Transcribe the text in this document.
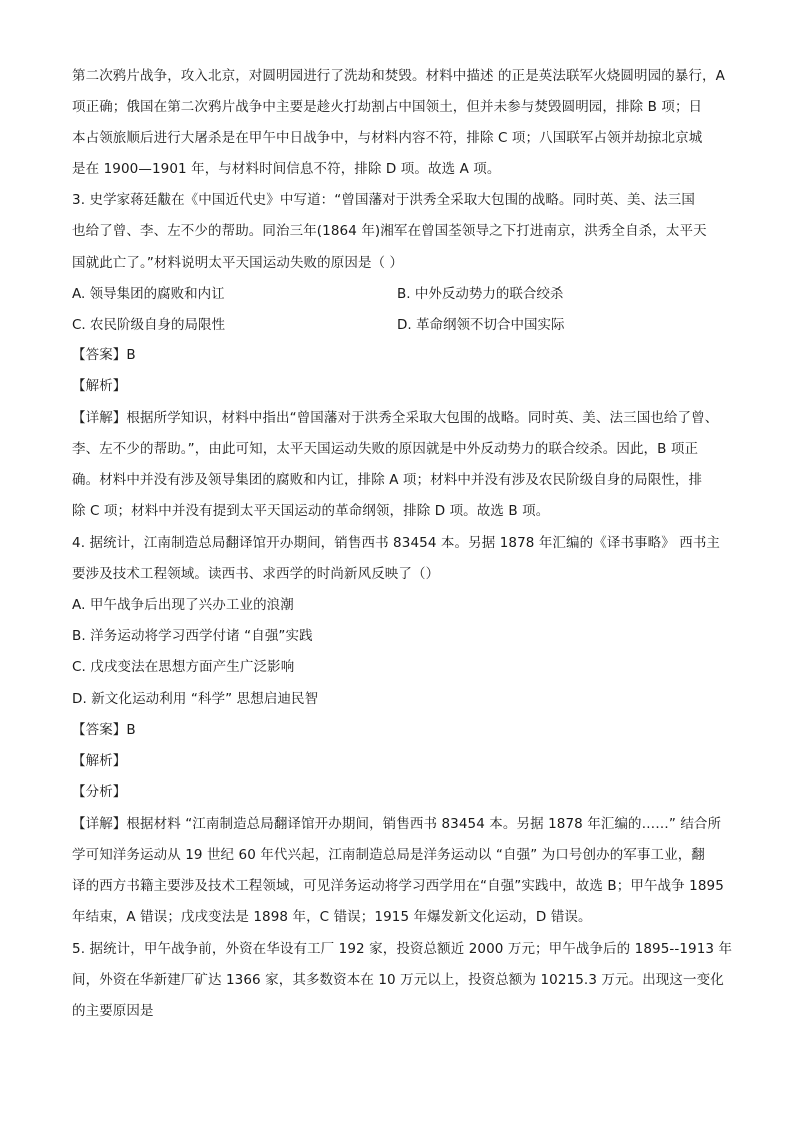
第二次鸦片战争，攻入北京，对圆明园进行了洗劫和焚毁。材料中描述 的正是英法联军火烧圆明园的暴行，A
项正确；俄国在第二次鸦片战争中主要是趁火打劫割占中国领土，但并未参与焚毁圆明园，排除 B 项；日
本占领旅顺后进行大屠杀是在甲午中日战争中，与材料内容不符，排除 C 项；八国联军占领并劫掠北京城
是在 1900—1901 年，与材料时间信息不符，排除 D 项。故选 A 项。
3. 史学家蒋廷黻在《中国近代史》中写道：“曾国藩对于洪秀全采取大包围的战略。同时英、美、法三国
也给了曾、李、左不少的帮助。同治三年(1864 年)湘军在曾国荃领导之下打进南京，洪秀全自杀，太平天
国就此亡了。”材料说明太平天国运动失败的原因是（ ）
A. 领导集团的腐败和内讧	B. 中外反动势力的联合绞杀
C. 农民阶级自身的局限性	D. 革命纲领不切合中国实际
【答案】B
【解析】
【详解】根据所学知识，材料中指出“曾国藩对于洪秀全采取大包围的战略。同时英、美、法三国也给了曾、
李、左不少的帮助。”，由此可知，太平天国运动失败的原因就是中外反动势力的联合绞杀。因此，B 项正
确。材料中并没有涉及领导集团的腐败和内讧，排除 A 项；材料中并没有涉及农民阶级自身的局限性，排
除 C 项；材料中并没有提到太平天国运动的革命纲领，排除 D 项。故选 B 项。
4. 据统计，江南制造总局翻译馆开办期间，销售西书 83454 本。另据 1878 年汇编的《译书事略》 西书主
要涉及技术工程领域。读西书、求西学的时尚新风反映了（）
A. 甲午战争后出现了兴办工业的浪潮
B. 洋务运动将学习西学付诸 “自强”实践
C. 戊戌变法在思想方面产生广泛影响
D. 新文化运动利用 “科学” 思想启迪民智
【答案】B
【解析】
【分析】
【详解】根据材料 “江南制造总局翻译馆开办期间，销售西书 83454 本。另据 1878 年汇编的……” 结合所
学可知洋务运动从 19 世纪 60 年代兴起，江南制造总局是洋务运动以 “自强” 为口号创办的军事工业，翻
译的西方书籍主要涉及技术工程领域，可见洋务运动将学习西学用在“自强”实践中，故选 B；甲午战争 1895
年结束，A 错误；戊戌变法是 1898 年，C 错误；1915 年爆发新文化运动，D 错误。
5. 据统计，甲午战争前，外资在华设有工厂 192 家，投资总额近 2000 万元；甲午战争后的 1895--1913 年
间，外资在华新建厂矿达 1366 家，其多数资本在 10 万元以上，投资总额为 10215.3 万元。出现这一变化
的主要原因是
